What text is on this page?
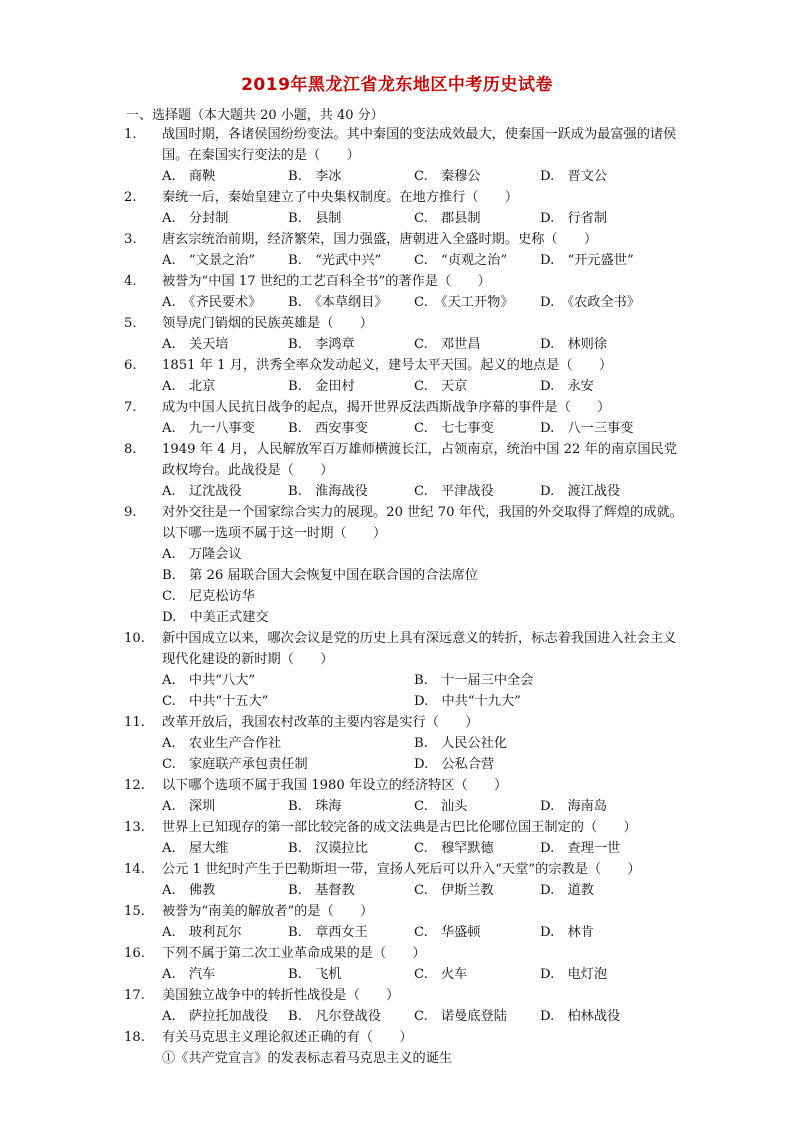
2019年黑龙江省龙东地区中考历史试卷
一、选择题（本大题共 20 小题，共 40 分）
1.	战国时期，各诸侯国纷纷变法。其中秦国的变法成效最大，使秦国一跃成为最富强的诸侯国。在秦国实行变法的是（　　）
A.　商鞅	B.　李冰	C.　秦穆公	D.　晋文公
2.	秦统一后，秦始皇建立了中央集权制度。在地方推行（　　）
A.　分封制	B.　县制	C.　郡县制	D.　行省制
3.	唐玄宗统治前期，经济繁荣，国力强盛，唐朝进入全盛时期。史称（　　）
A.　“文景之治”	B.　“光武中兴”	C.　“贞观之治”	D.　“开元盛世”
4.	被誉为“中国 17 世纪的工艺百科全书”的著作是（　　）
A.　《齐民要术》	B.　《本草纲目》	C.　《天工开物》	D.　《农政全书》
5.	领导虎门销烟的民族英雄是（　　）
A.　关天培	B.　李鸿章	C.　邓世昌	D.　林则徐
6.	1851 年 1 月，洪秀全率众发动起义，建号太平天国。起义的地点是（　　）
A.　北京	B.　金田村	C.　天京	D.　永安
7.	成为中国人民抗日战争的起点，揭开世界反法西斯战争序幕的事件是（　　）
A.　九一八事变	B.　西安事变	C.　七七事变	D.　八一三事变
8.	1949 年 4 月，人民解放军百万雄师横渡长江，占领南京，统治中国 22 年的南京国民党政权垮台。此战役是（　　）
A.　辽沈战役	B.　淮海战役	C.　平津战役	D.　渡江战役
9.	对外交往是一个国家综合实力的展现。20 世纪 70 年代，我国的外交取得了辉煌的成就。以下哪一选项不属于这一时期（　　）
A.　万隆会议
B.　第 26 届联合国大会恢复中国在联合国的合法席位
C.　尼克松访华
D.　中美正式建交
10.	新中国成立以来，哪次会议是党的历史上具有深远意义的转折，标志着我国进入社会主义现代化建设的新时期（　　）
A.　中共“八大”	B.　十一届三中全会
C.　中共“十五大”	D.　中共“十九大”
11.	改革开放后，我国农村改革的主要内容是实行（　　）
A.　农业生产合作社	B.　人民公社化
C.　家庭联产承包责任制	D.　公私合营
12.	以下哪个选项不属于我国 1980 年设立的经济特区（　　）
A.　深圳	B.　珠海	C.　汕头	D.　海南岛
13.	世界上已知现存的第一部比较完备的成文法典是古巴比伦哪位国王制定的（　　）
A.　屋大维	B.　汉谟拉比	C.　穆罕默德	D.　查理一世
14.	公元 1 世纪时产生于巴勒斯坦一带，宣扬人死后可以升入“天堂”的宗教是（　　）
A.　佛教	B.　基督教	C.　伊斯兰教	D.　道教
15.	被誉为“南美的解放者”的是（　　）
A.　玻利瓦尔	B.　章西女王	C.　华盛顿	D.　林肯
16.	下列不属于第二次工业革命成果的是（　　）
A.　汽车	B.　飞机	C.　火车	D.　电灯泡
17.	美国独立战争中的转折性战役是（　　）
A.　萨拉托加战役	B.　凡尔登战役	C.　诺曼底登陆	D.　柏林战役
18.	有关马克思主义理论叙述正确的有（　　）
①《共产党宣言》的发表标志着马克思主义的诞生
